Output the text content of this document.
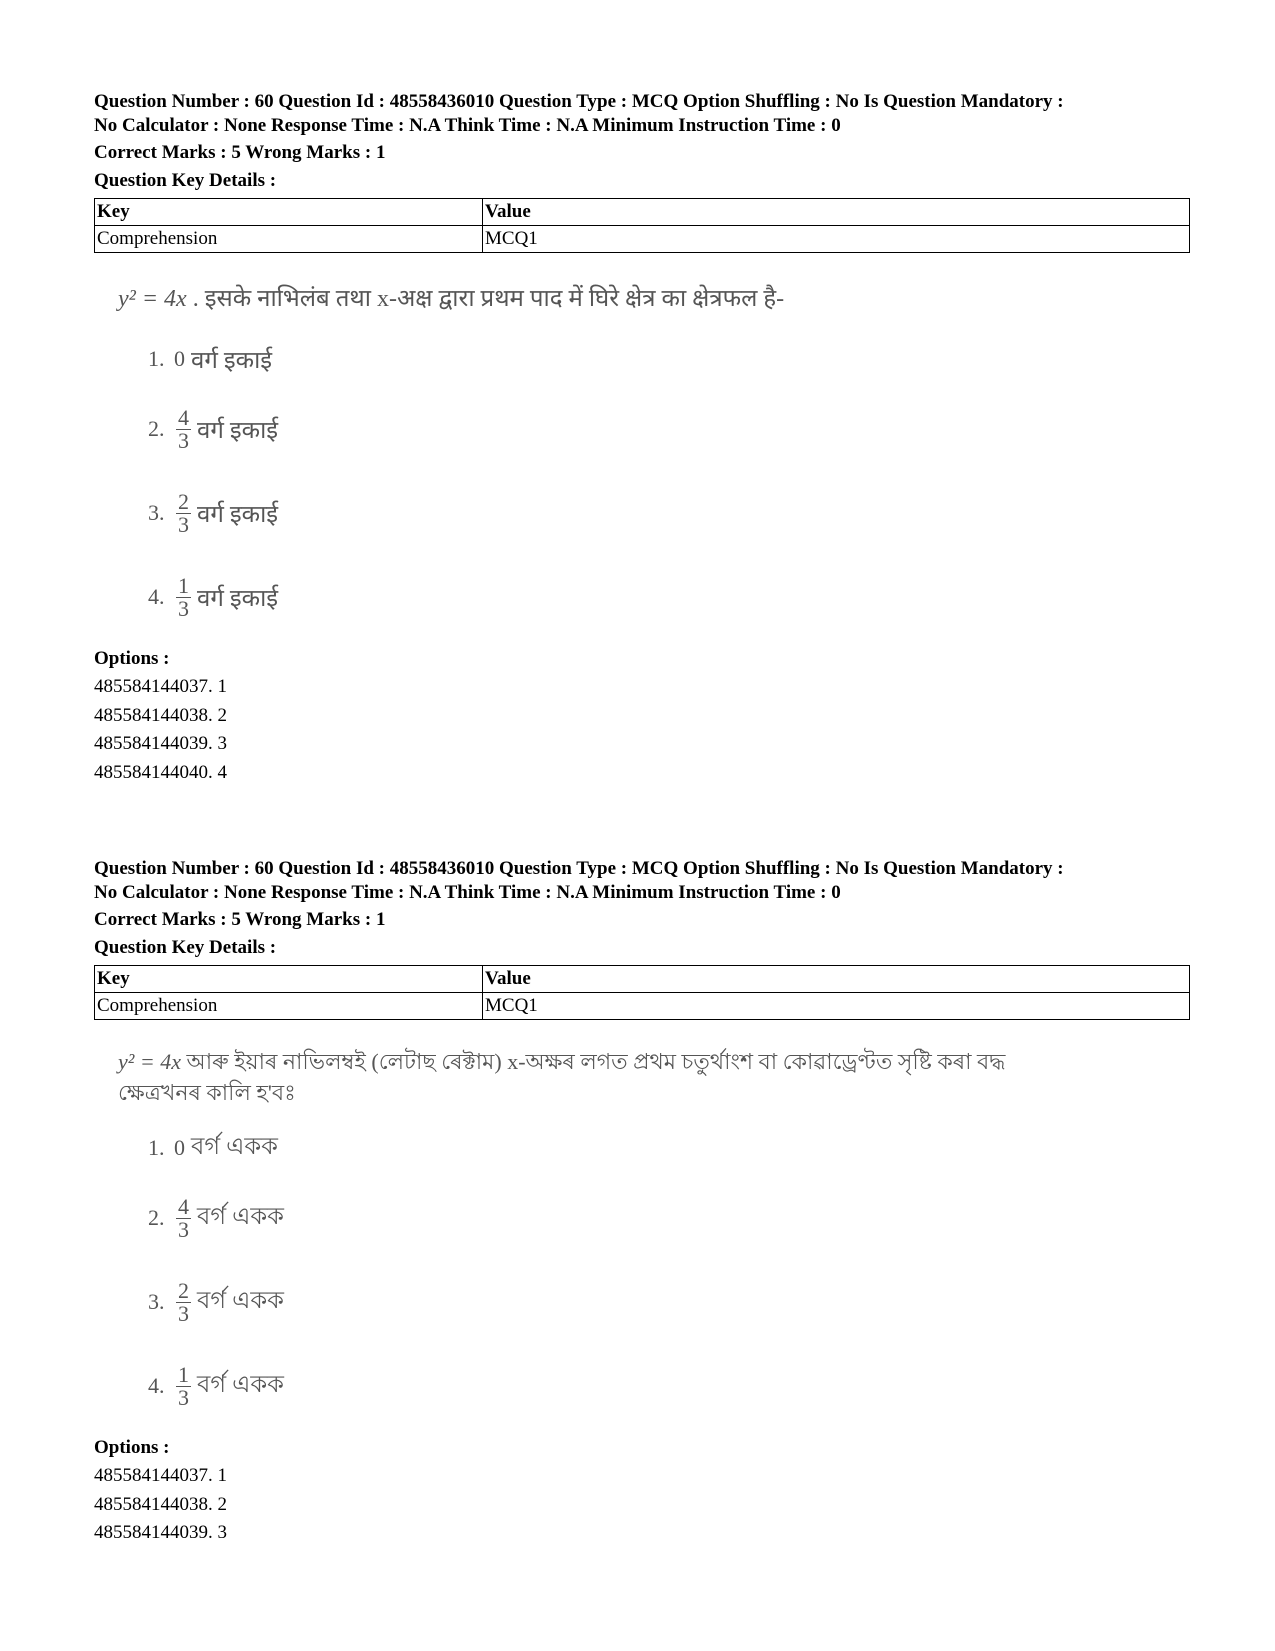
Question Number : 60 Question Id : 48558436010 Question Type : MCQ Option Shuffling : No Is Question Mandatory :

No Calculator : None Response Time : N.A Think Time : N.A Minimum Instruction Time : 0

Correct Marks : 5 Wrong Marks : 1
Question Key Details :
Key	Value
Comprehension	MCQ1
y² = 4x . इसके नाभिलंब तथा x-अक्ष द्वारा प्रथम पाद में घिरे क्षेत्र का क्षेत्रफल है-
1. 0 वर्ग इकाई
2. $\frac{4}{3}$ वर्ग इकाई
3. $\frac{2}{3}$ वर्ग इकाई
4. $\frac{1}{3}$ वर्ग इकाई
Options :
485584144037. 1
485584144038. 2
485584144039. 3
485584144040. 4

Question Number : 60 Question Id : 48558436010 Question Type : MCQ Option Shuffling : No Is Question Mandatory :

No Calculator : None Response Time : N.A Think Time : N.A Minimum Instruction Time : 0

Correct Marks : 5 Wrong Marks : 1
Question Key Details :
Key	Value
Comprehension	MCQ1
y² = 4x আৰু ইয়াৰ নাভিলম্বই (লেটাছ ৰেক্টাম) x-অক্ষৰ লগত প্ৰথম চতুৰ্থাংশ বা কোৱাড্ৰেণ্টত সৃষ্টি কৰা বদ্ধ
ক্ষেত্ৰখনৰ কালি হ'বঃ
1. 0 বৰ্গ একক
2. $\frac{4}{3}$ বৰ্গ একক
3. $\frac{2}{3}$ বৰ্গ একক
4. $\frac{1}{3}$ বৰ্গ একক
Options :
485584144037. 1
485584144038. 2
485584144039. 3
